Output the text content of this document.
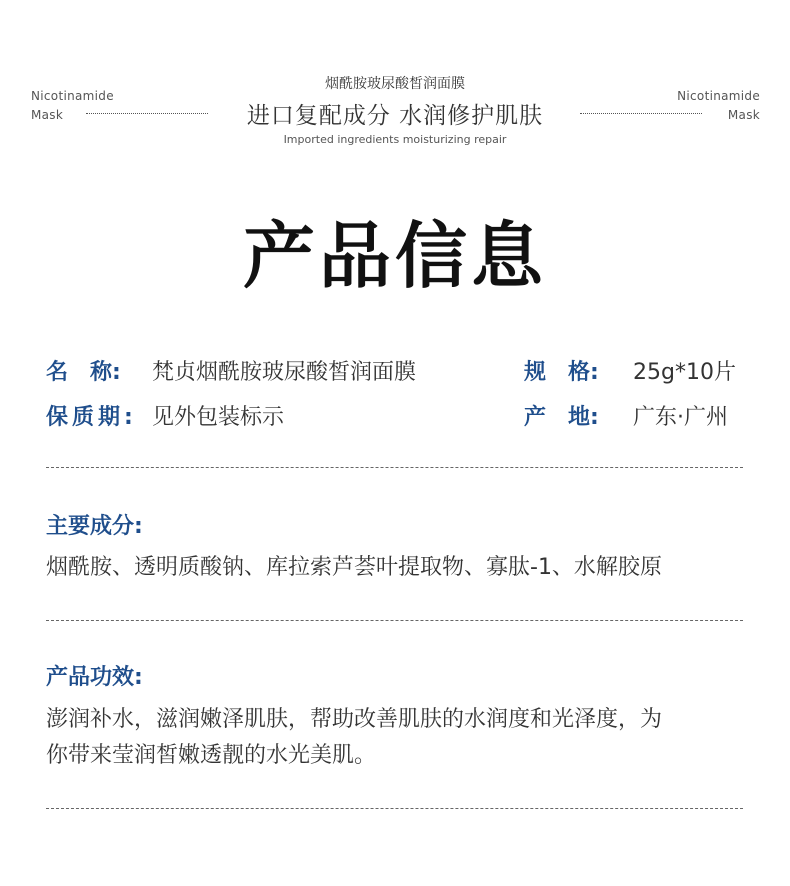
Nicotinamide
Mask
Nicotinamide
Mask
烟酰胺玻尿酸皙润面膜
进口复配成分 水润修护肌肤
Imported ingredients moisturizing repair
产品信息
名　称: 梵贞烟酰胺玻尿酸皙润面膜	规　格: 25g*10片
保质期: 见外包装标示	产　地: 广东·广州
主要成分:
烟酰胺、透明质酸钠、库拉索芦荟叶提取物、寡肽-1、水解胶原
产品功效:
澎润补水，滋润嫩泽肌肤，帮助改善肌肤的水润度和光泽度，为
你带来莹润皙嫩透靓的水光美肌。
